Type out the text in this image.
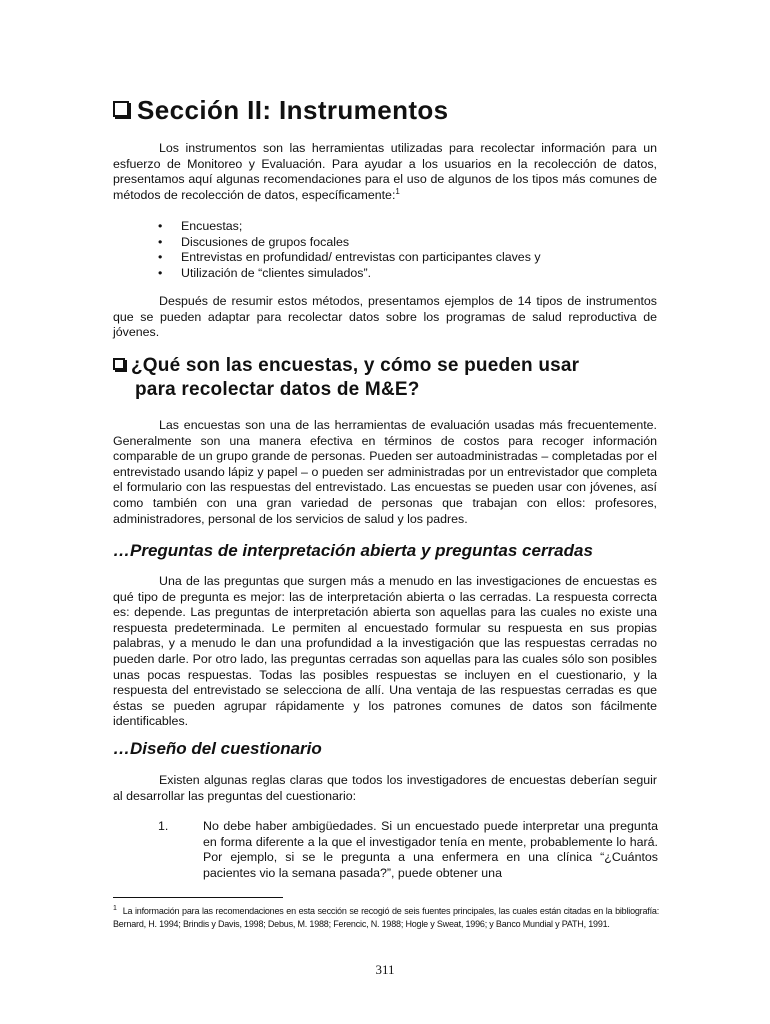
Sección II: Instrumentos
Los instrumentos son las herramientas utilizadas para recolectar información para un esfuerzo de Monitoreo y Evaluación. Para ayudar a los usuarios en la recolección de datos, presentamos aquí algunas recomendaciones para el uso de algunos de los tipos más comunes de métodos de recolección de datos, específicamente:$^1$
• Encuestas;
• Discusiones de grupos focales
• Entrevistas en profundidad/ entrevistas con participantes claves y
• Utilización de “clientes simulados”.
Después de resumir estos métodos, presentamos ejemplos de 14 tipos de instrumentos que se pueden adaptar para recolectar datos sobre los programas de salud reproductiva de jóvenes.
¿Qué son las encuestas, y cómo se pueden usar
para recolectar datos de M&E?
Las encuestas son una de las herramientas de evaluación usadas más frecuentemente. Generalmente son una manera efectiva en términos de costos para recoger información comparable de un grupo grande de personas. Pueden ser autoadministradas – completadas por el entrevistado usando lápiz y papel – o pueden ser administradas por un entrevistador que completa el formulario con las respuestas del entrevistado. Las encuestas se pueden usar con jóvenes, así como también con una gran variedad de personas que trabajan con ellos: profesores, administradores, personal de los servicios de salud y los padres.
…Preguntas de interpretación abierta y preguntas cerradas
Una de las preguntas que surgen más a menudo en las investigaciones de encuestas es qué tipo de pregunta es mejor: las de interpretación abierta o las cerradas. La respuesta correcta es: depende. Las preguntas de interpretación abierta son aquellas para las cuales no existe una respuesta predeterminada. Le permiten al encuestado formular su respuesta en sus propias palabras, y a menudo le dan una profundidad a la investigación que las respuestas cerradas no pueden darle. Por otro lado, las preguntas cerradas son aquellas para las cuales sólo son posibles unas pocas respuestas. Todas las posibles respuestas se incluyen en el cuestionario, y la respuesta del entrevistado se selecciona de allí. Una ventaja de las respuestas cerradas es que éstas se pueden agrupar rápidamente y los patrones comunes de datos son fácilmente identificables.
…Diseño del cuestionario
Existen algunas reglas claras que todos los investigadores de encuestas deberían seguir al desarrollar las preguntas del cuestionario:
1.	No debe haber ambigüedades. Si un encuestado puede interpretar una pregunta en forma diferente a la que el investigador tenía en mente, probablemente lo hará. Por ejemplo, si se le pregunta a una enfermera en una clínica “¿Cuántos pacientes vio la semana pasada?”, puede obtener una
$^1$ La información para las recomendaciones en esta sección se recogió de seis fuentes principales, las cuales están citadas en la bibliografía: Bernard, H. 1994; Brindis y Davis, 1998; Debus, M. 1988; Ferencic, N. 1988; Hogle y Sweat, 1996; y Banco Mundial y PATH, 1991.
311
